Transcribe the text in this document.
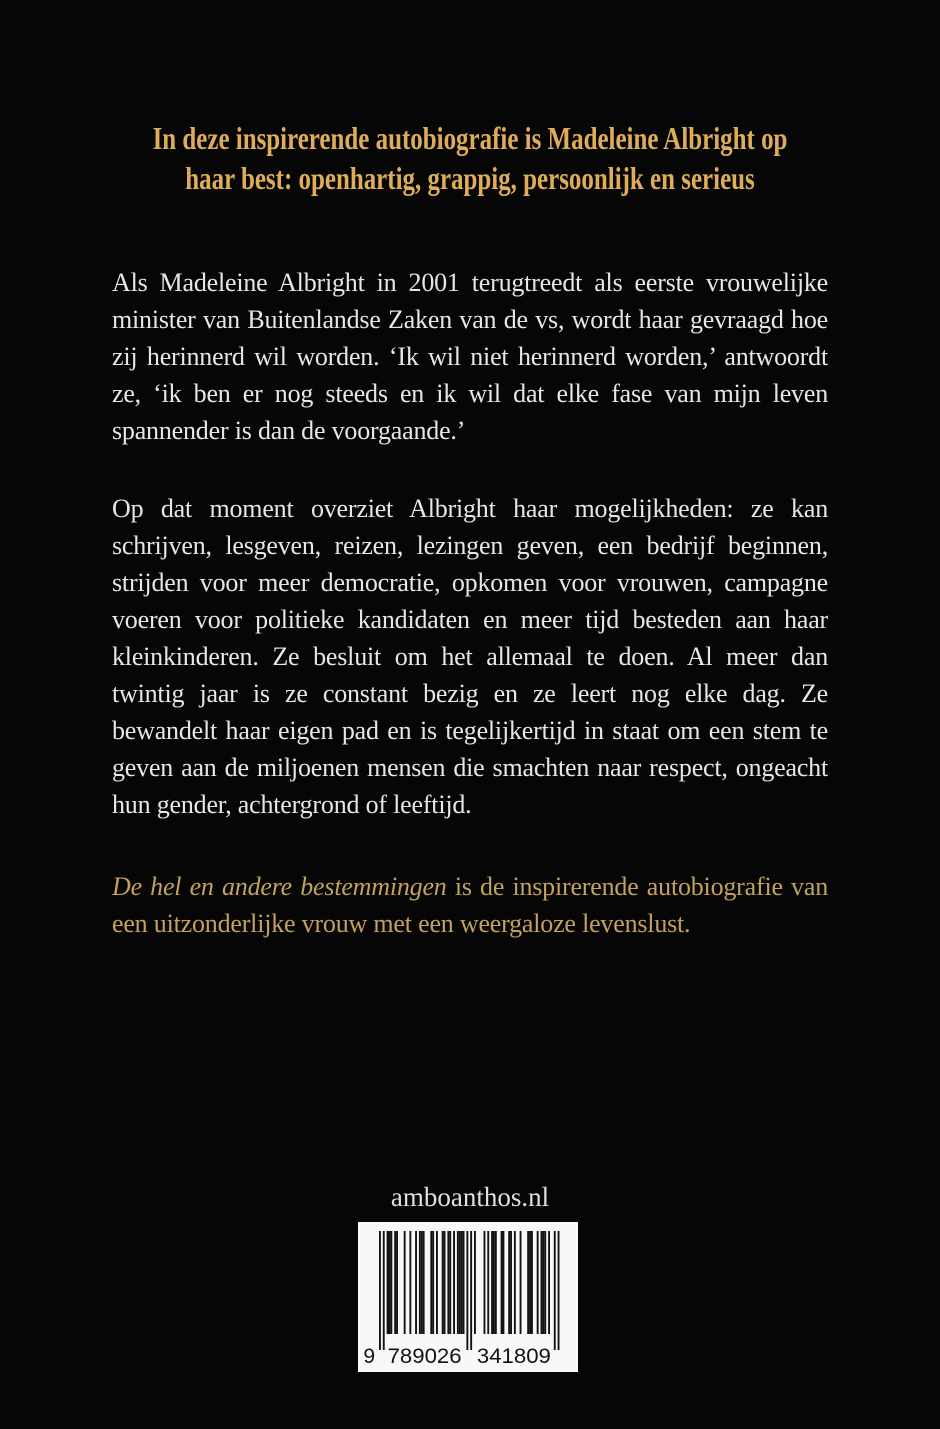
In deze inspirerende autobiografie is Madeleine Albright op
haar best: openhartig, grappig, persoonlijk en serieus

Als Madeleine Albright in 2001 terugtreedt als eerste vrouwelijke minister van Buitenlandse Zaken van de vs, wordt haar gevraagd hoe zij herinnerd wil worden. ‘Ik wil niet herinnerd worden,’ antwoordt ze, ‘ik ben er nog steeds en ik wil dat elke fase van mijn leven spannender is dan de voorgaande.’

Op dat moment overziet Albright haar mogelijkheden: ze kan schrijven, lesgeven, reizen, lezingen geven, een bedrijf beginnen, strijden voor meer democratie, opkomen voor vrouwen, campagne voeren voor politieke kandidaten en meer tijd besteden aan haar kleinkinderen. Ze besluit om het allemaal te doen. Al meer dan twintig jaar is ze constant bezig en ze leert nog elke dag. Ze bewandelt haar eigen pad en is tegelijkertijd in staat om een stem te geven aan de miljoenen mensen die smachten naar respect, ongeacht hun gender, achtergrond of leeftijd.

De hel en andere bestemmingen is de inspirerende autobiografie van een uitzonderlijke vrouw met een weergaloze levenslust.

amboanthos.nl
9 789026 341809
